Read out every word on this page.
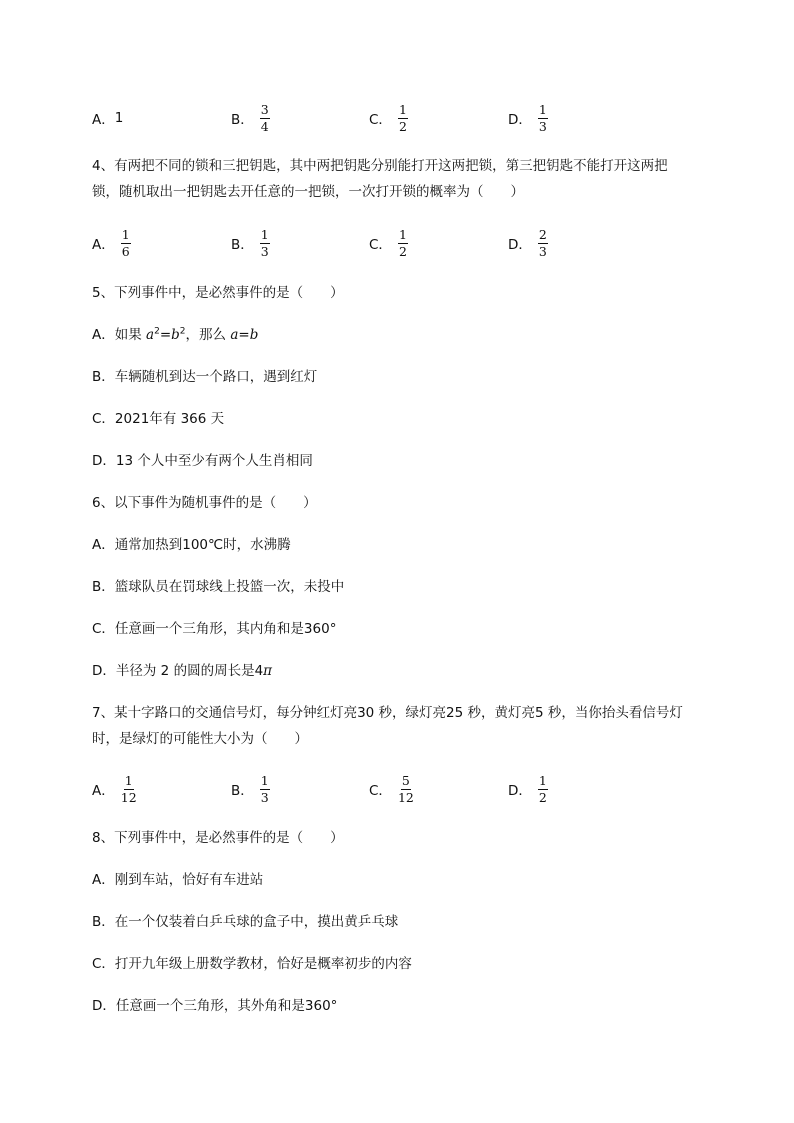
A． 1	B． $\frac{3}{4}$	C． $\frac{1}{2}$	D． $\frac{1}{3}$
4、有两把不同的锁和三把钥匙，其中两把钥匙分别能打开这两把锁，第三把钥匙不能打开这两把
锁，随机取出一把钥匙去开任意的一把锁，一次打开锁的概率为（　　）
A． $\frac{1}{6}$	B． $\frac{1}{3}$	C． $\frac{1}{2}$	D． $\frac{2}{3}$
5、下列事件中，是必然事件的是（　　）
A．如果 $a^2=b^2$，那么 a=b
B．车辆随机到达一个路口，遇到红灯
C．2021年有 366 天
D．13 个人中至少有两个人生肖相同
6、以下事件为随机事件的是（　　）
A．通常加热到100℃时，水沸腾
B．篮球队员在罚球线上投篮一次，未投中
C．任意画一个三角形，其内角和是360°
D．半径为 2 的圆的周长是4π
7、某十字路口的交通信号灯，每分钟红灯亮30 秒，绿灯亮25 秒，黄灯亮5 秒，当你抬头看信号灯
时，是绿灯的可能性大小为（　　）
A． $\frac{1}{12}$	B． $\frac{1}{3}$	C． $\frac{5}{12}$	D． $\frac{1}{2}$
8、下列事件中，是必然事件的是（　　）
A．刚到车站，恰好有车进站
B．在一个仅装着白乒乓球的盒子中，摸出黄乒乓球
C．打开九年级上册数学教材，恰好是概率初步的内容
D．任意画一个三角形，其外角和是360°
